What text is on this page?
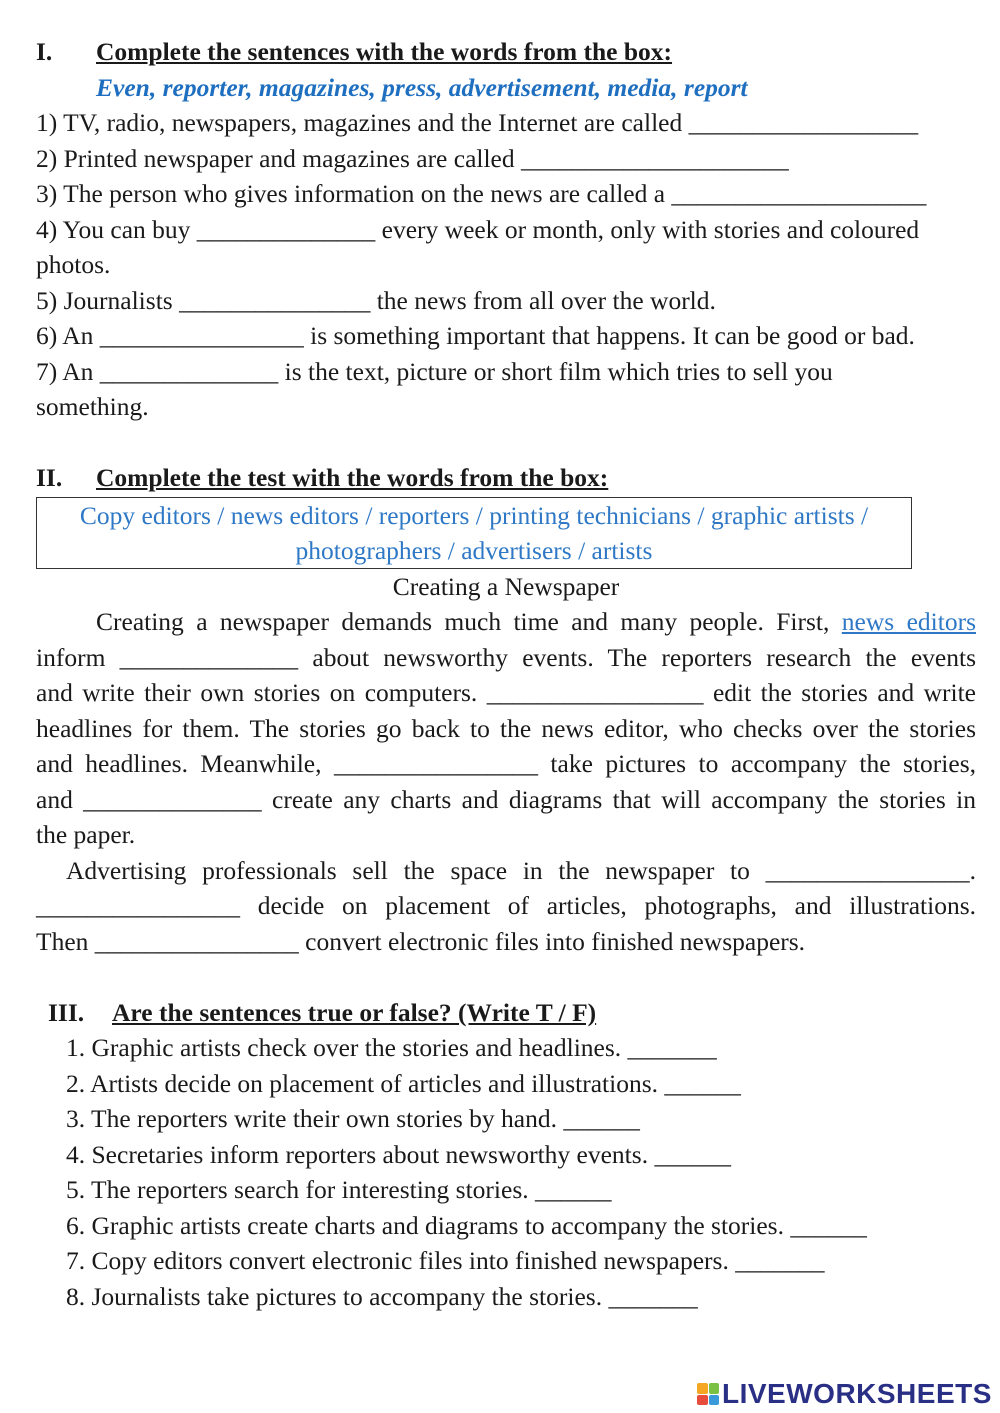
I. Complete the sentences with the words from the box:
Even, reporter, magazines, press, advertisement, media, report
1) TV, radio, newspapers, magazines and the Internet are called __________________
2) Printed newspaper and magazines are called _____________________
3) The person who gives information on the news are called a ____________________
4) You can buy ______________ every week or month, only with stories and coloured
photos.
5) Journalists _______________ the news from all over the world.
6) An ________________ is something important that happens. It can be good or bad.
7) An ______________ is the text, picture or short film which tries to sell you
something.
II. Complete the test with the words from the box:
Copy editors / news editors / reporters / printing technicians / graphic artists /
photographers / advertisers / artists
Creating a Newspaper
Creating a newspaper demands much time and many people. First, news editors
inform ______________ about newsworthy events. The reporters research the events
and write their own stories on computers. _________________ edit the stories and write
headlines for them. The stories go back to the news editor, who checks over the stories
and headlines. Meanwhile, ________________ take pictures to accompany the stories,
and ______________ create any charts and diagrams that will accompany the stories in
the paper.
Advertising professionals sell the space in the newspaper to ________________.
________________ decide on placement of articles, photographs, and illustrations.
Then ________________ convert electronic files into finished newspapers.
III. Are the sentences true or false? (Write T / F)
1. Graphic artists check over the stories and headlines. _______
2. Artists decide on placement of articles and illustrations. ______
3. The reporters write their own stories by hand. ______
4. Secretaries inform reporters about newsworthy events. ______
5. The reporters search for interesting stories. ______
6. Graphic artists create charts and diagrams to accompany the stories. ______
7. Copy editors convert electronic files into finished newspapers. _______
8. Journalists take pictures to accompany the stories. _______
LIVEWORKSHEETS
